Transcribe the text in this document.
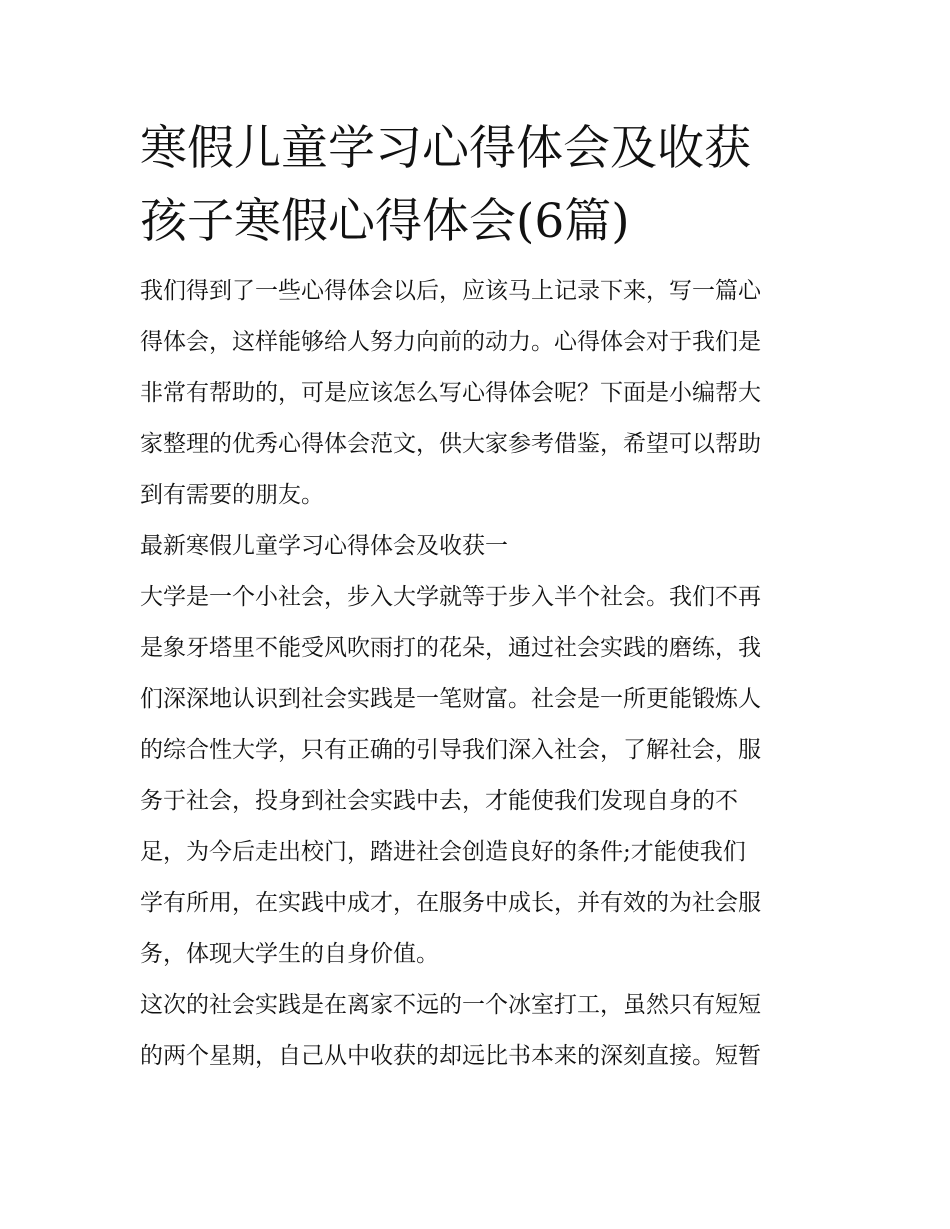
寒假儿童学习心得体会及收获
孩子寒假心得体会(6篇)

我们得到了一些心得体会以后，应该马上记录下来，写一篇心
得体会，这样能够给人努力向前的动力。心得体会对于我们是
非常有帮助的，可是应该怎么写心得体会呢？下面是小编帮大
家整理的优秀心得体会范文，供大家参考借鉴，希望可以帮助
到有需要的朋友。

最新寒假儿童学习心得体会及收获一

大学是一个小社会，步入大学就等于步入半个社会。我们不再
是象牙塔里不能受风吹雨打的花朵，通过社会实践的磨练，我
们深深地认识到社会实践是一笔财富。社会是一所更能锻炼人
的综合性大学，只有正确的引导我们深入社会，了解社会，服
务于社会，投身到社会实践中去，才能使我们发现自身的不
足，为今后走出校门，踏进社会创造良好的条件;才能使我们
学有所用，在实践中成才，在服务中成长，并有效的为社会服
务，体现大学生的自身价值。

这次的社会实践是在离家不远的一个冰室打工，虽然只有短短
的两个星期，自己从中收获的却远比书本来的深刻直接。短暂
